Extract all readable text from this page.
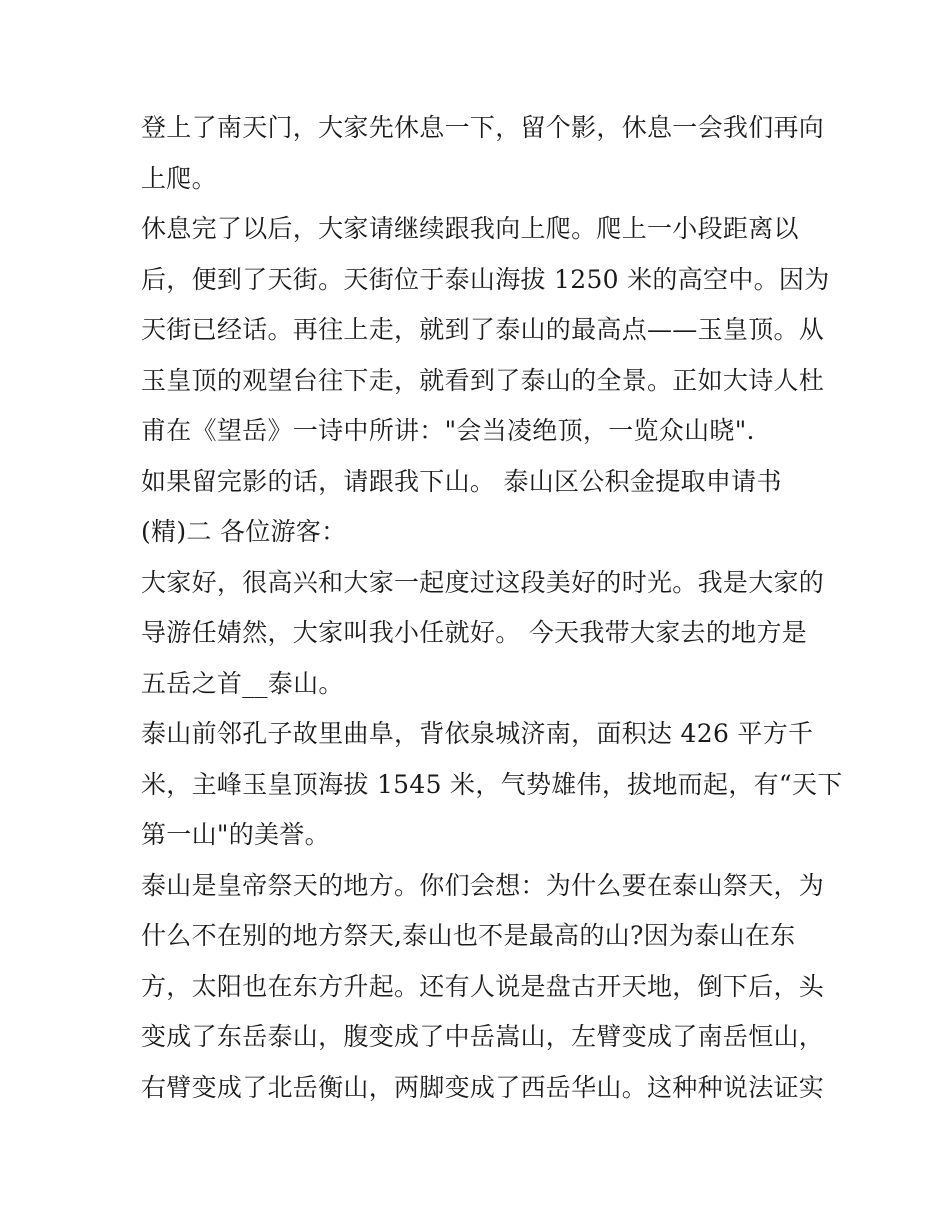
登上了南天门，大家先休息一下，留个影，休息一会我们再向
上爬。
休息完了以后，大家请继续跟我向上爬。爬上一小段距离以
后，便到了天街。天街位于泰山海拔 1250 米的高空中。因为
天街已经话。再往上走，就到了泰山的最高点——玉皇顶。从
玉皇顶的观望台往下走，就看到了泰山的全景。正如大诗人杜
甫在《望岳》一诗中所讲："会当凌绝顶，一览众山晓".
如果留完影的话，请跟我下山。 泰山区公积金提取申请书
(精)二 各位游客：
大家好，很高兴和大家一起度过这段美好的时光。我是大家的
导游任婧然，大家叫我小任就好。 今天我带大家去的地方是
五岳之首__泰山。
泰山前邻孔子故里曲阜，背依泉城济南，面积达 426 平方千
米，主峰玉皇顶海拔 1545 米，气势雄伟，拔地而起，有“天下
第一山"的美誉。
泰山是皇帝祭天的地方。你们会想：为什么要在泰山祭天，为
什么不在别的地方祭天,泰山也不是最高的山?因为泰山在东
方，太阳也在东方升起。还有人说是盘古开天地，倒下后，头
变成了东岳泰山，腹变成了中岳嵩山，左臂变成了南岳恒山，
右臂变成了北岳衡山，两脚变成了西岳华山。这种种说法证实
